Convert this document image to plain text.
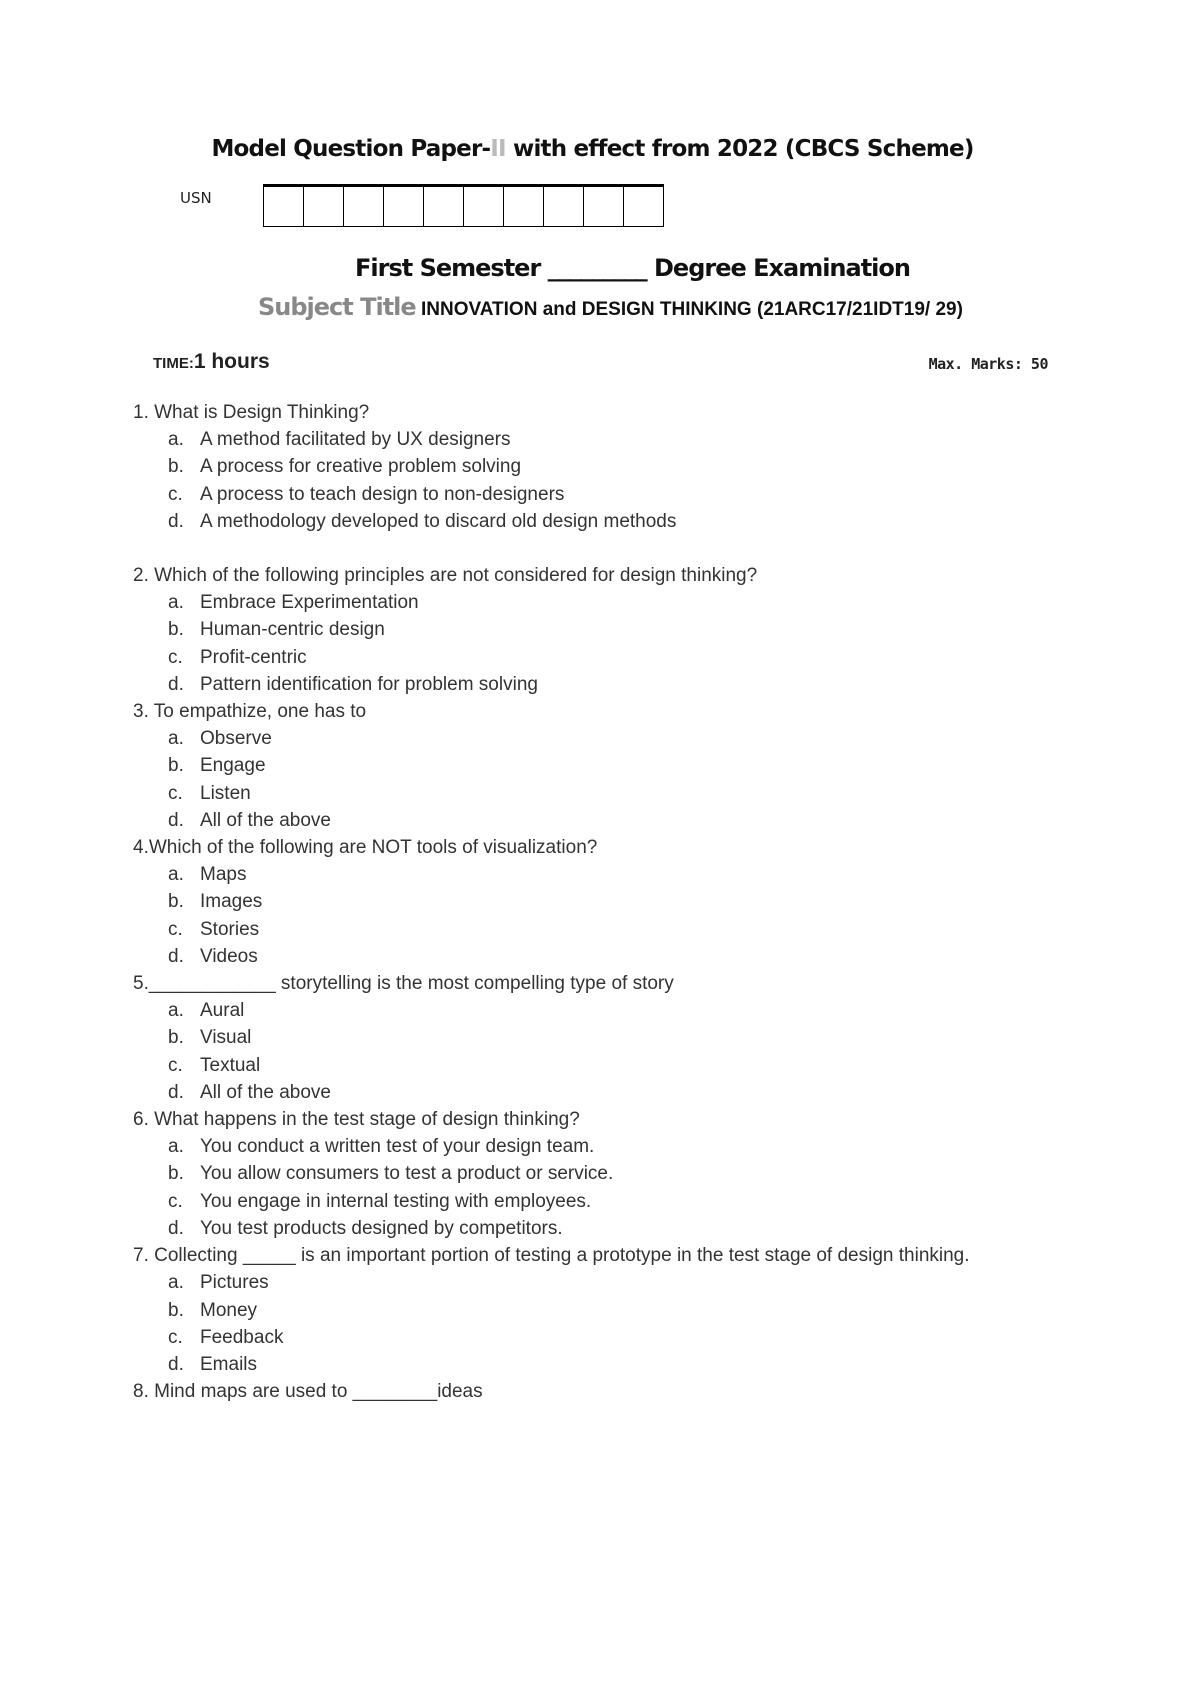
Model Question Paper-II with effect from 2022 (CBCS Scheme)
USN
First Semester _________ Degree Examination
Subject Title INNOVATION and DESIGN THINKING (21ARC17/21IDT19/ 29)
TIME:1 hours	Max. Marks: 50
1. What is Design Thinking?
a. A method facilitated by UX designers
b. A process for creative problem solving
c. A process to teach design to non-designers
d. A methodology developed to discard old design methods
2. Which of the following principles are not considered for design thinking?
a. Embrace Experimentation
b. Human-centric design
c. Profit-centric
d. Pattern identification for problem solving
3. To empathize, one has to
a. Observe
b. Engage
c. Listen
d. All of the above
4.Which of the following are NOT tools of visualization?
a. Maps
b. Images
c. Stories
d. Videos
5.____________ storytelling is the most compelling type of story
a. Aural
b. Visual
c. Textual
d. All of the above
6. What happens in the test stage of design thinking?
a. You conduct a written test of your design team.
b. You allow consumers to test a product or service.
c. You engage in internal testing with employees.
d. You test products designed by competitors.
7. Collecting _____ is an important portion of testing a prototype in the test stage of design thinking.
a. Pictures
b. Money
c. Feedback
d. Emails
8. Mind maps are used to ________ideas
